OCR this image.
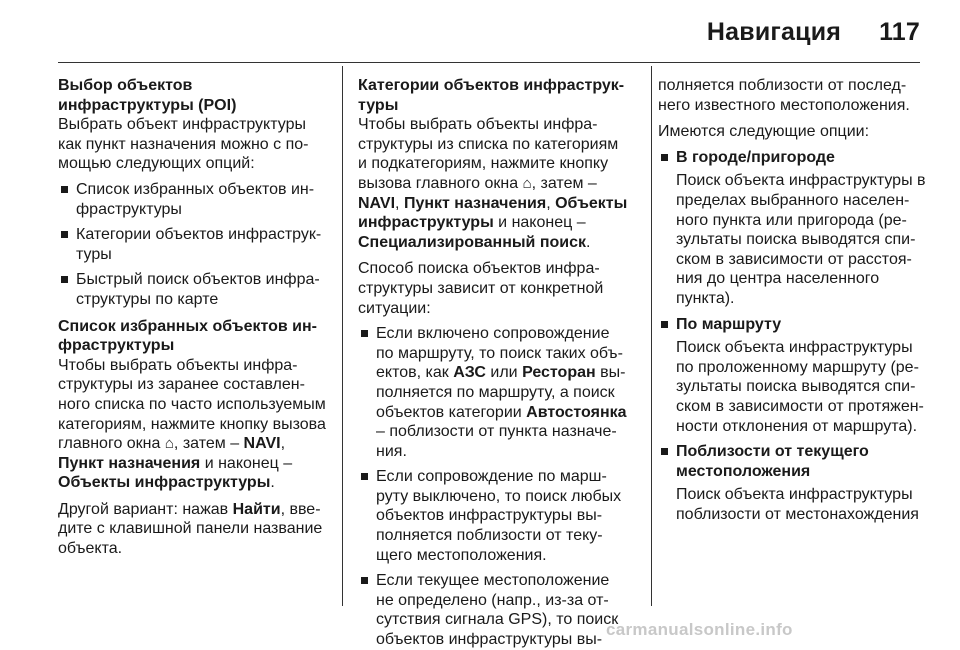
Навигация 117

Выбор объектов инфраструктуры (POI)

Выбрать объект инфраструктуры как пункт назначения можно с помощью следующих опций:

Список избранных объектов инфраструктуры
Категории объектов инфраструктуры
Быстрый поиск объектов инфраструктуры по карте

Список избранных объектов инфраструктуры

Чтобы выбрать объекты инфраструктуры из заранее составленного списка по часто используемым категориям, нажмите кнопку вызова главного окна ⌂, затем – NAVI, Пункт назначения и наконец – Объекты инфраструктуры.

Другой вариант: нажав Найти, введите с клавишной панели название объекта.

Категории объектов инфраструктуры

Чтобы выбрать объекты инфраструктуры из списка по категориям и подкатегориям, нажмите кнопку вызова главного окна ⌂, затем – NAVI, Пункт назначения, Объекты инфраструктуры и наконец – Специализированный поиск.

Способ поиска объектов инфраструктуры зависит от конкретной ситуации:

Если включено сопровождение по маршруту, то поиск таких объектов, как АЗС или Ресторан выполняется по маршруту, а поиск объектов категории Автостоянка – поблизости от пункта назначения.
Если сопровождение по маршруту выключено, то поиск любых объектов инфраструктуры выполняется поблизости от текущего местоположения.
Если текущее местоположение не определено (напр., из-за отсутствия сигнала GPS), то поиск объектов инфраструктуры вы-

полняется поблизости от последнего известного местоположения.

Имеются следующие опции:

В городе/пригороде

Поиск объекта инфраструктуры в пределах выбранного населенного пункта или пригорода (результаты поиска выводятся списком в зависимости от расстояния до центра населенного пункта).

По маршруту

Поиск объекта инфраструктуры по проложенному маршруту (результаты поиска выводятся списком в зависимости от протяженности отклонения от маршрута).

Поблизости от текущего местоположения

Поиск объекта инфраструктуры поблизости от местонахождения

carmanualsonline.info
